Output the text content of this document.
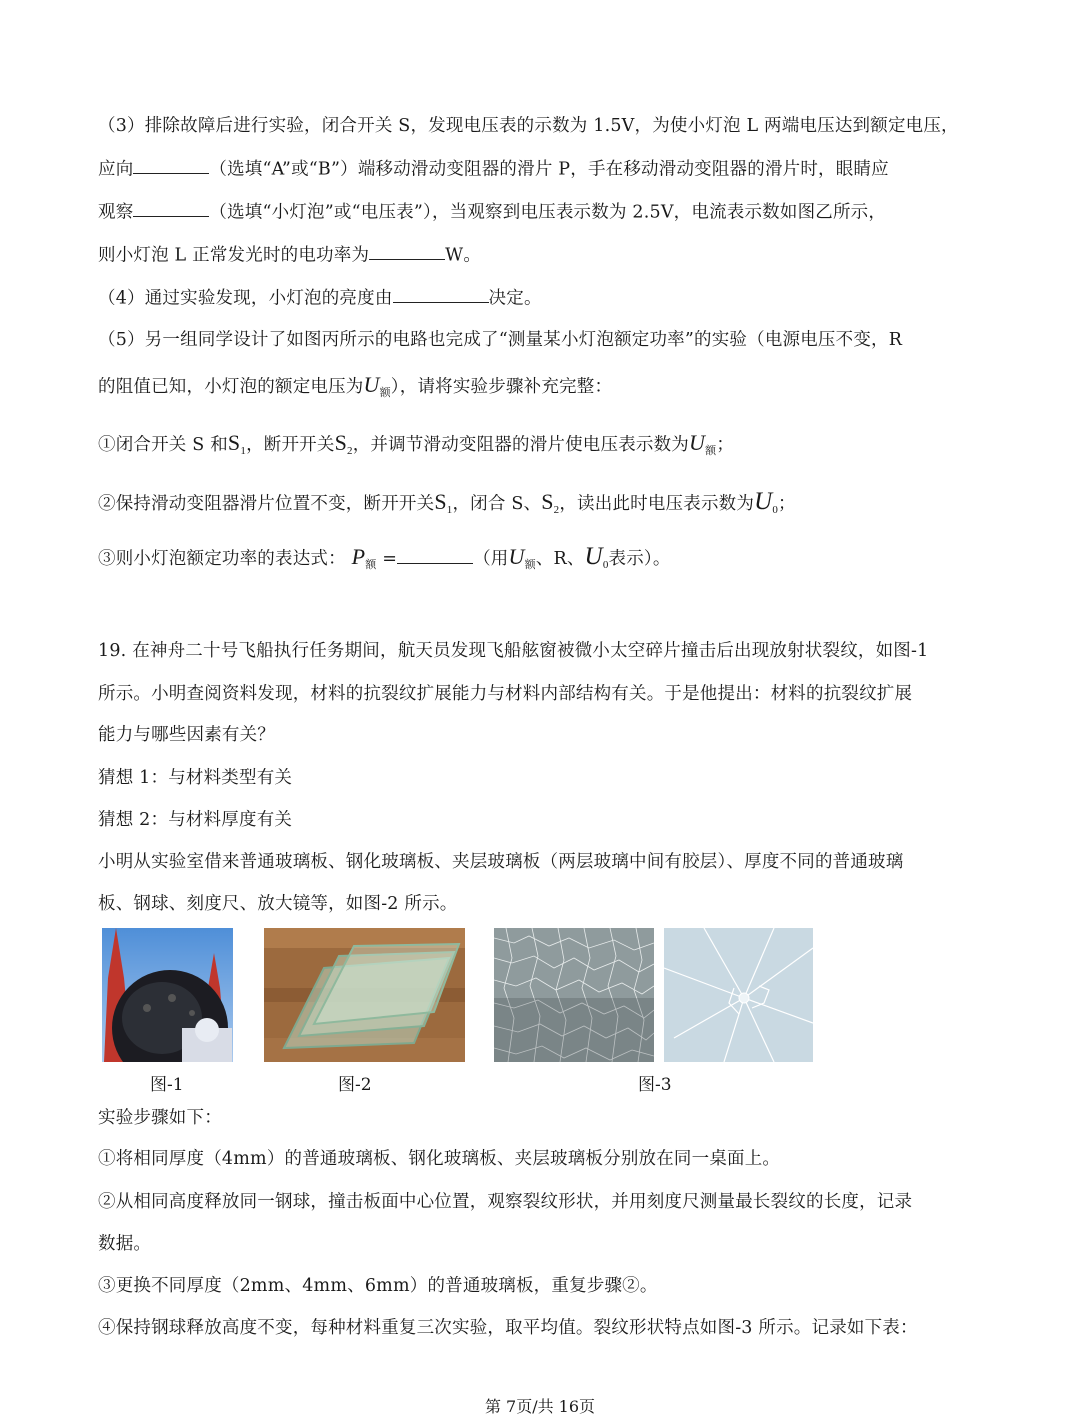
（3）排除故障后进行实验，闭合开关 S，发现电压表的示数为 1.5V，为使小灯泡 L 两端电压达到额定电压，
应向	（选填“A”或“B”）端移动滑动变阻器的滑片 P，手在移动滑动变阻器的滑片时，眼睛应
观察	（选填“小灯泡”或“电压表”），当观察到电压表示数为 2.5V，电流表示数如图乙所示，
则小灯泡 L 正常发光时的电功率为	W。
（4）通过实验发现，小灯泡的亮度由	决定。
（5）另一组同学设计了如图丙所示的电路也完成了“测量某小灯泡额定功率”的实验（电源电压不变，R
的阻值已知，小灯泡的额定电压为$U_额$），请将实验步骤补充完整：
①闭合开关 S 和$S_1$，断开开关$S_2$，并调节滑动变阻器的滑片使电压表示数为$U_额$；
②保持滑动变阻器滑片位置不变，断开开关$S_1$，闭合 S、$S_2$，读出此时电压表示数为$U_0$；
③则小灯泡额定功率的表达式： $P_额$ =	（用$U_额$、R、$U_0$表示）。
19. 在神舟二十号飞船执行任务期间，航天员发现飞船舷窗被微小太空碎片撞击后出现放射状裂纹，如图-1
所示。小明查阅资料发现，材料的抗裂纹扩展能力与材料内部结构有关。于是他提出：材料的抗裂纹扩展
能力与哪些因素有关？
猜想 1：与材料类型有关
猜想 2：与材料厚度有关
小明从实验室借来普通玻璃板、钢化玻璃板、夹层玻璃板（两层玻璃中间有胶层）、厚度不同的普通玻璃
板、钢球、刻度尺、放大镜等，如图-2 所示。
图-1	图-2	图-3
实验步骤如下：
①将相同厚度（4mm）的普通玻璃板、钢化玻璃板、夹层玻璃板分别放在同一桌面上。
②从相同高度释放同一钢球，撞击板面中心位置，观察裂纹形状，并用刻度尺测量最长裂纹的长度，记录
数据。
③更换不同厚度（2mm、4mm、6mm）的普通玻璃板，重复步骤②。
④保持钢球释放高度不变，每种材料重复三次实验，取平均值。裂纹形状特点如图-3 所示。记录如下表：
第 7页/共 16页
